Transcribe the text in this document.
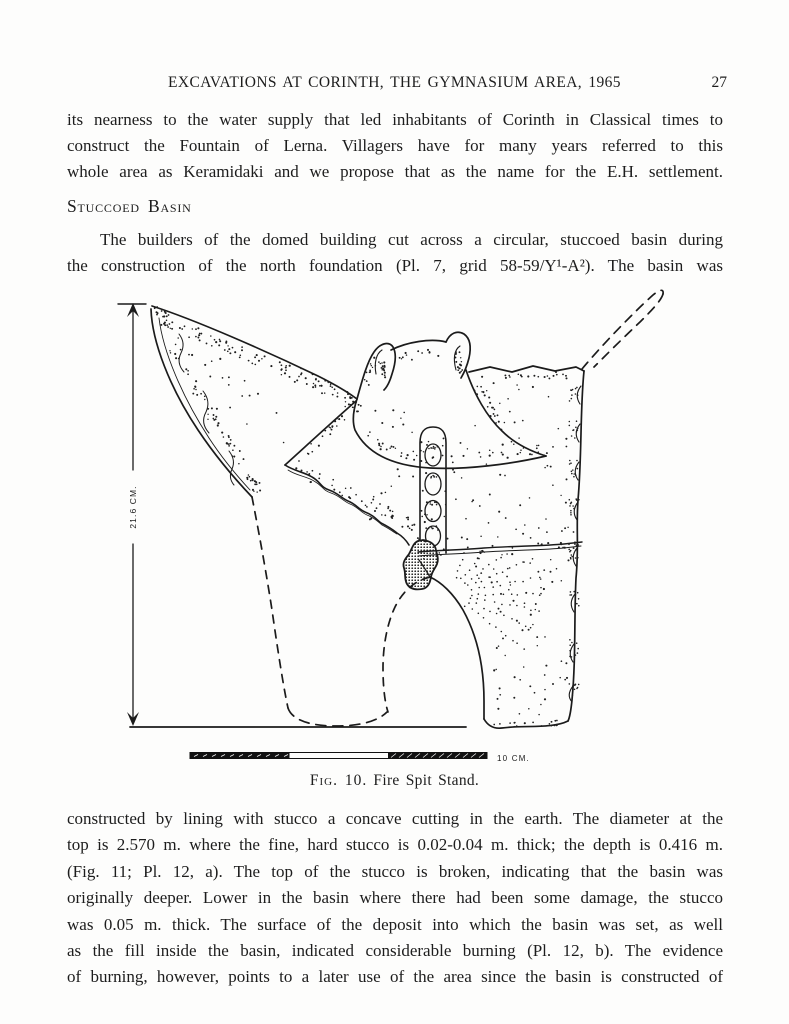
EXCAVATIONS AT CORINTH, THE GYMNASIUM AREA, 1965	27
its nearness to the water supply that led inhabitants of Corinth in Classical times to
construct the Fountain of Lerna. Villagers have for many years referred to this
whole area as Keramidaki and we propose that as the name for the E.H. settlement.
Stuccoed Basin
The builders of the domed building cut across a circular, stuccoed basin during
the construction of the north foundation (Pl. 7, grid 58-59/Y¹-A²). The basin was
10 CM.
21.6 CM.
Fig. 10. Fire Spit Stand.
constructed by lining with stucco a concave cutting in the earth. The diameter at the
top is 2.570 m. where the fine, hard stucco is 0.02-0.04 m. thick; the depth is 0.416 m.
(Fig. 11; Pl. 12, a). The top of the stucco is broken, indicating that the basin was
originally deeper. Lower in the basin where there had been some damage, the stucco
was 0.05 m. thick. The surface of the deposit into which the basin was set, as well
as the fill inside the basin, indicated considerable burning (Pl. 12, b). The evidence
of burning, however, points to a later use of the area since the basin is constructed of
